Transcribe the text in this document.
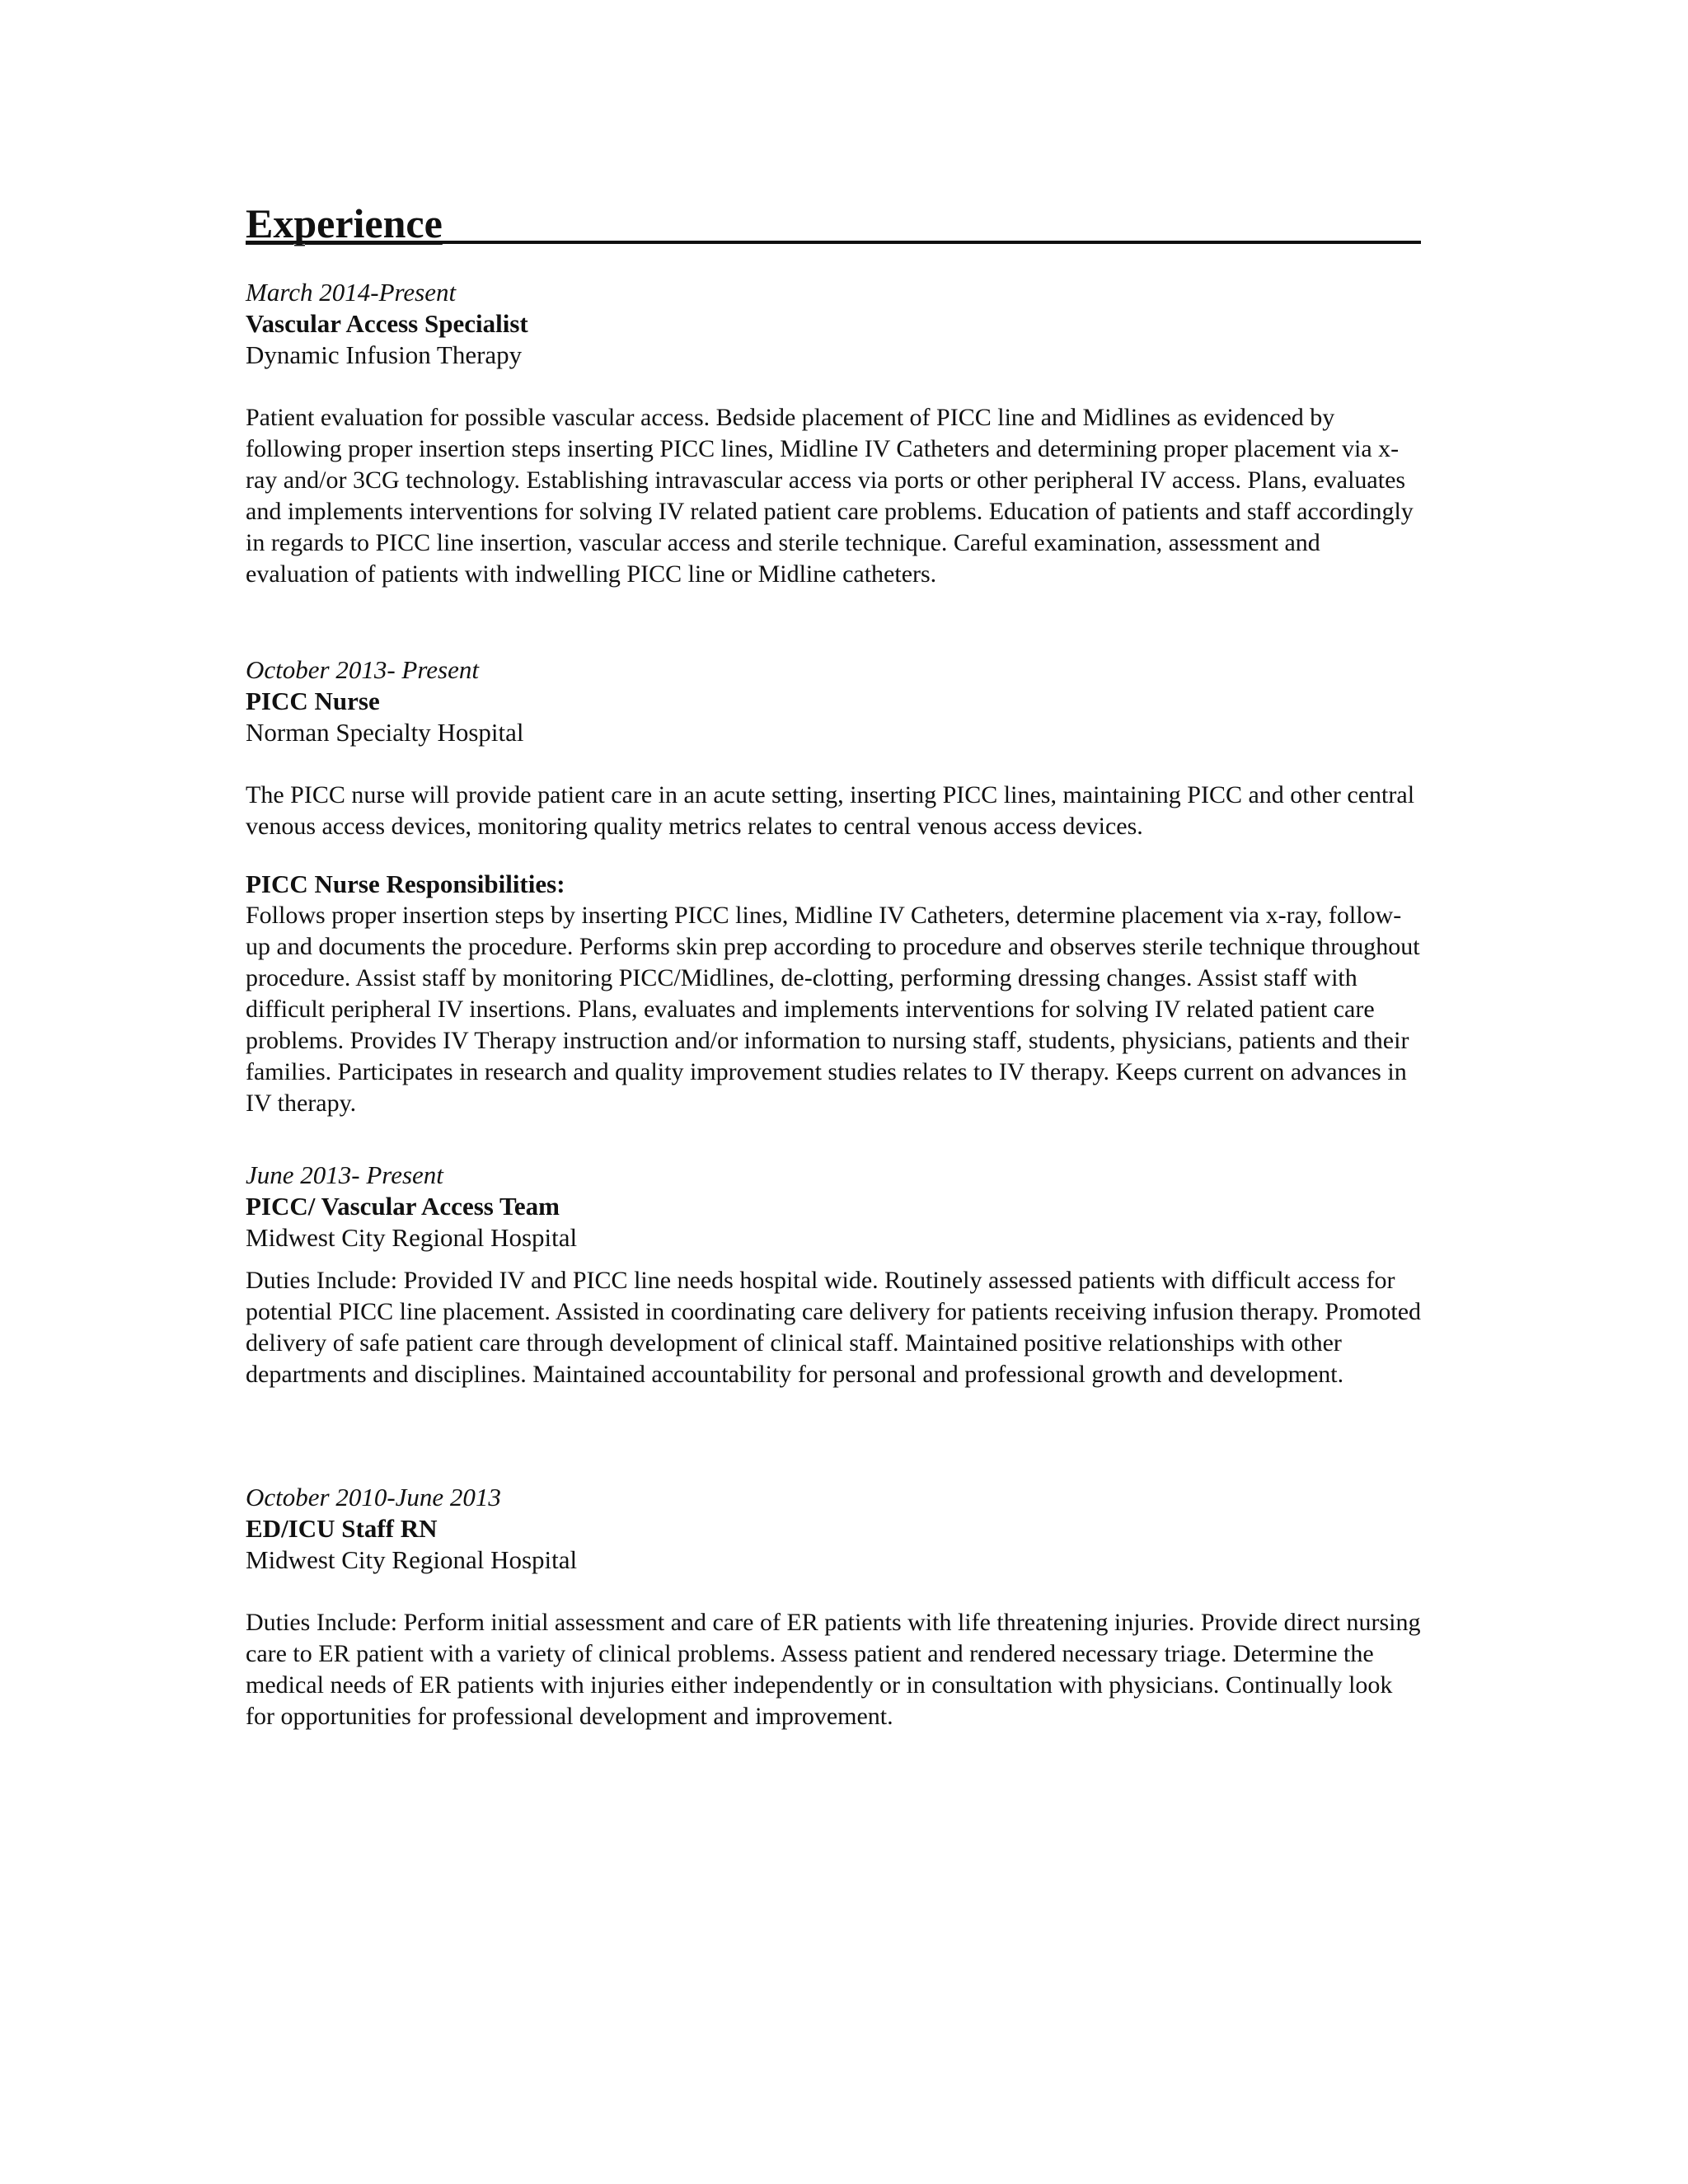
Experience

March 2014-Present

Vascular Access Specialist

Dynamic Infusion Therapy

Patient evaluation for possible vascular access. Bedside placement of PICC line and Midlines as evidenced by following proper insertion steps inserting PICC lines, Midline IV Catheters and determining proper placement via x-ray and/or 3CG technology. Establishing intravascular access via ports or other peripheral IV access. Plans, evaluates and implements interventions for solving IV related patient care problems. Education of patients and staff accordingly in regards to PICC line insertion, vascular access and sterile technique. Careful examination, assessment and evaluation of patients with indwelling PICC line or Midline catheters.

October 2013- Present

PICC Nurse

Norman Specialty Hospital

The PICC nurse will provide patient care in an acute setting, inserting PICC lines, maintaining PICC and other central venous access devices, monitoring quality metrics relates to central venous access devices.

PICC Nurse Responsibilities:

Follows proper insertion steps by inserting PICC lines, Midline IV Catheters, determine placement via x-ray, follow-up and documents the procedure. Performs skin prep according to procedure and observes sterile technique throughout procedure. Assist staff by monitoring PICC/Midlines, de-clotting, performing dressing changes. Assist staff with difficult peripheral IV insertions. Plans, evaluates and implements interventions for solving IV related patient care problems. Provides IV Therapy instruction and/or information to nursing staff, students, physicians, patients and their families. Participates in research and quality improvement studies relates to IV therapy. Keeps current on advances in IV therapy.

June 2013- Present

PICC/ Vascular Access Team

Midwest City Regional Hospital

Duties Include: Provided IV and PICC line needs hospital wide. Routinely assessed patients with difficult access for potential PICC line placement. Assisted in coordinating care delivery for patients receiving infusion therapy. Promoted delivery of safe patient care through development of clinical staff. Maintained positive relationships with other departments and disciplines. Maintained accountability for personal and professional growth and development.

October 2010-June 2013

ED/ICU Staff RN

Midwest City Regional Hospital

Duties Include: Perform initial assessment and care of ER patients with life threatening injuries. Provide direct nursing care to ER patient with a variety of clinical problems. Assess patient and rendered necessary triage. Determine the medical needs of ER patients with injuries either independently or in consultation with physicians. Continually look for opportunities for professional development and improvement.
